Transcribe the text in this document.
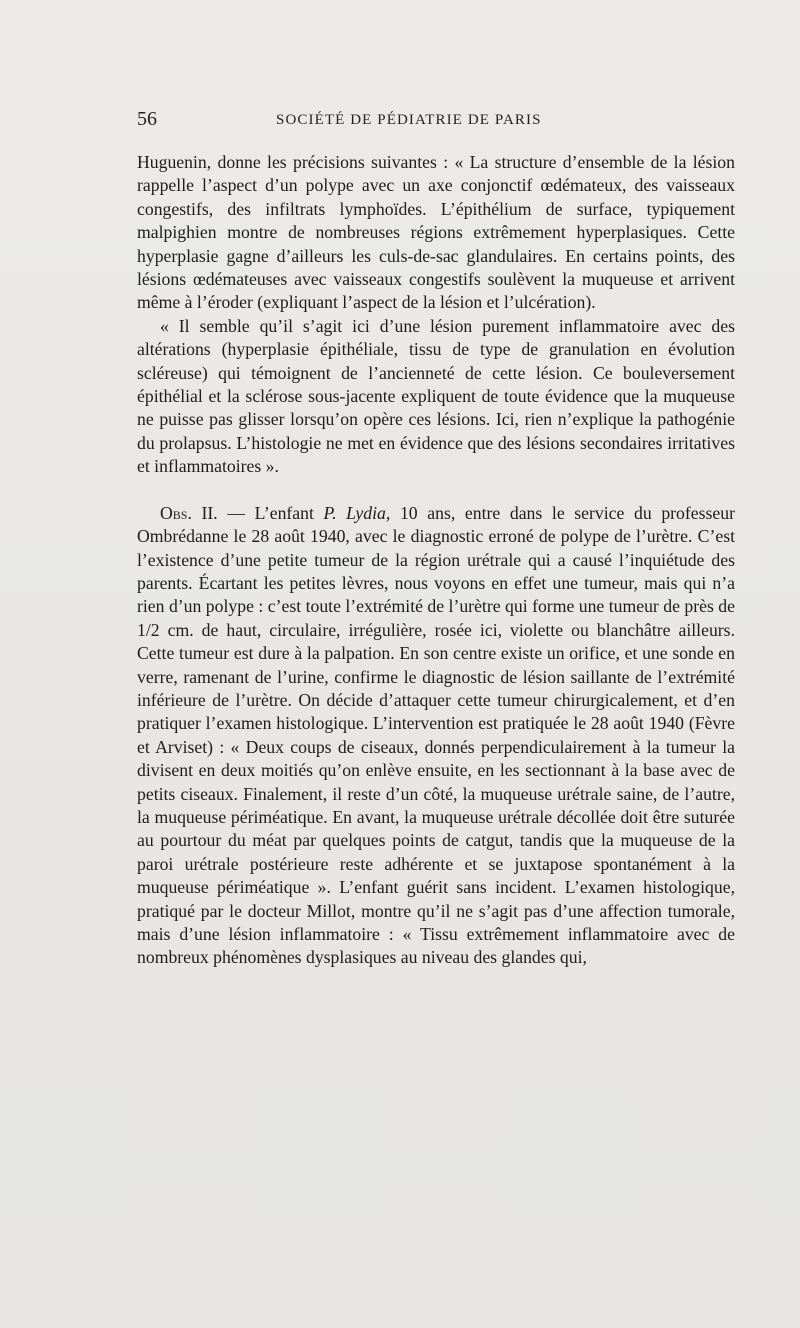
56	SOCIÉTÉ DE PÉDIATRIE DE PARIS

Huguenin, donne les précisions suivantes : « La structure d’ensemble de la lésion rappelle l’aspect d’un polype avec un axe conjonctif œdémateux, des vaisseaux congestifs, des infiltrats lymphoïdes. L’épithélium de surface, typiquement malpighien montre de nombreuses régions extrêmement hyperplasiques. Cette hyperplasie gagne d’ailleurs les culs-de-sac glandulaires. En certains points, des lésions œdémateuses avec vaisseaux congestifs soulèvent la muqueuse et arrivent même à l’éroder (expliquant l’aspect de la lésion et l’ulcération).

« Il semble qu’il s’agit ici d’une lésion purement inflammatoire avec des altérations (hyperplasie épithéliale, tissu de type de granulation en évolution scléreuse) qui témoignent de l’ancienneté de cette lésion. Ce bouleversement épithélial et la sclérose sous-jacente expliquent de toute évidence que la muqueuse ne puisse pas glisser lorsqu’on opère ces lésions. Ici, rien n’explique la pathogénie du prolapsus. L’histologie ne met en évidence que des lésions secondaires irritatives et inflammatoires ».

Obs. II. — L’enfant P. Lydia, 10 ans, entre dans le service du professeur Ombrédanne le 28 août 1940, avec le diagnostic erroné de polype de l’urètre. C’est l’existence d’une petite tumeur de la région urétrale qui a causé l’inquiétude des parents. Écartant les petites lèvres, nous voyons en effet une tumeur, mais qui n’a rien d’un polype : c’est toute l’extrémité de l’urètre qui forme une tumeur de près de 1/2 cm. de haut, circulaire, irrégulière, rosée ici, violette ou blanchâtre ailleurs. Cette tumeur est dure à la palpation. En son centre existe un orifice, et une sonde en verre, ramenant de l’urine, confirme le diagnostic de lésion saillante de l’extrémité inférieure de l’urètre. On décide d’attaquer cette tumeur chirurgicalement, et d’en pratiquer l’examen histologique. L’intervention est pratiquée le 28 août 1940 (Fèvre et Arviset) : « Deux coups de ciseaux, donnés perpendiculairement à la tumeur la divisent en deux moitiés qu’on enlève ensuite, en les sectionnant à la base avec de petits ciseaux. Finalement, il reste d’un côté, la muqueuse urétrale saine, de l’autre, la muqueuse périméatique. En avant, la muqueuse urétrale décollée doit être suturée au pourtour du méat par quelques points de catgut, tandis que la muqueuse de la paroi urétrale postérieure reste adhérente et se juxtapose spontanément à la muqueuse périméatique ». L’enfant guérit sans incident. L’examen histologique, pratiqué par le docteur Millot, montre qu’il ne s’agit pas d’une affection tumorale, mais d’une lésion inflammatoire : « Tissu extrêmement inflammatoire avec de nombreux phénomènes dysplasiques au niveau des glandes qui,
